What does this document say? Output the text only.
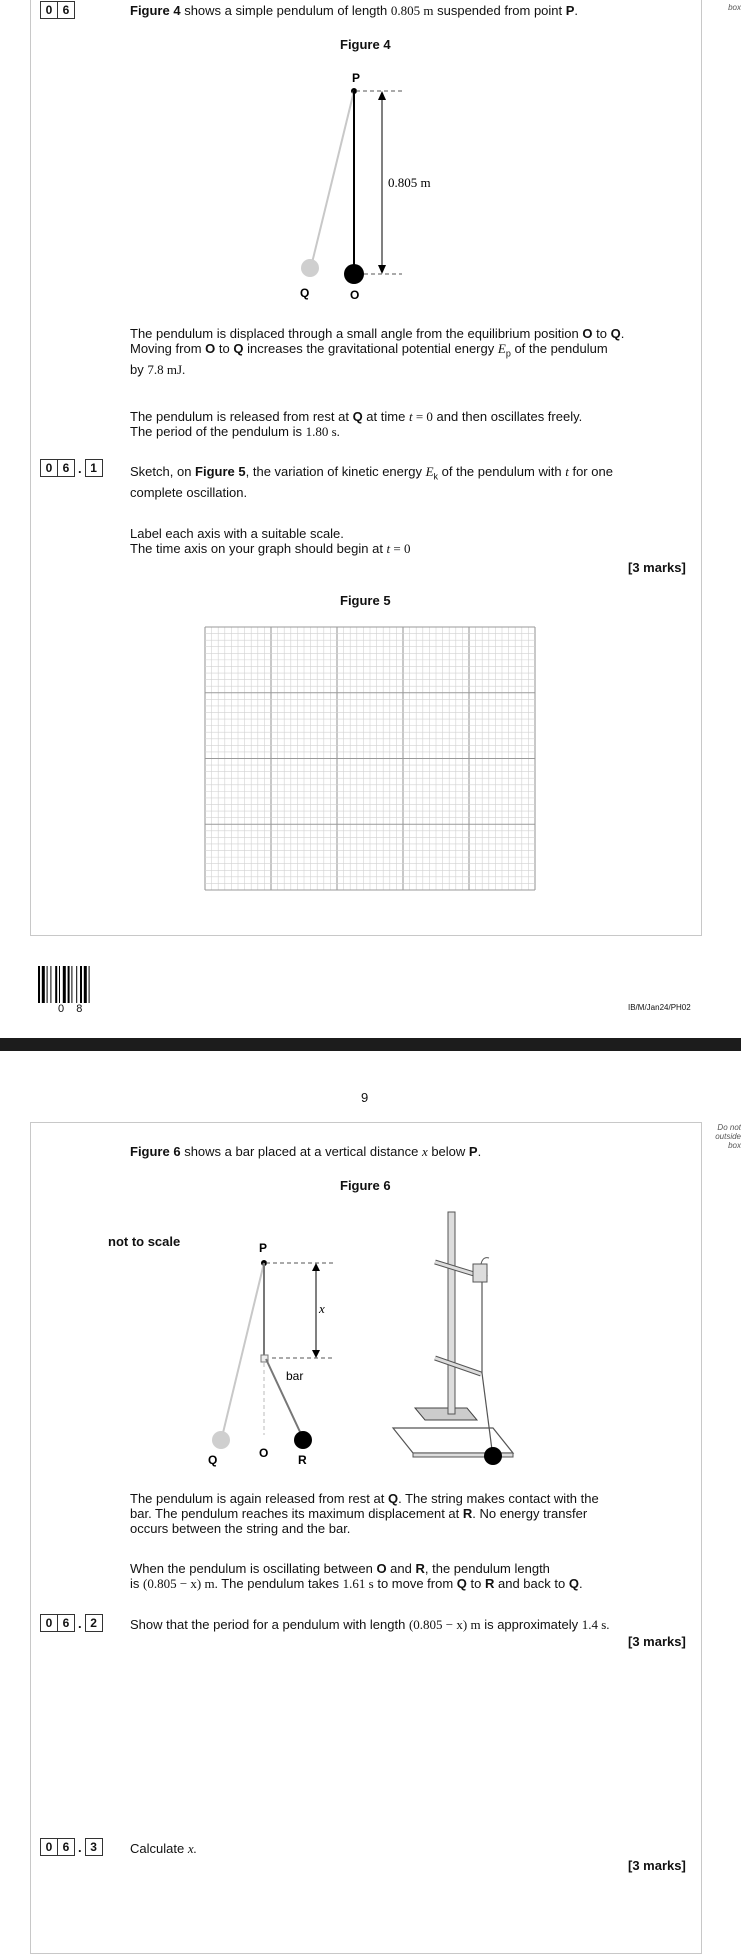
box
0 6	Figure 4 shows a simple pendulum of length 0.805 m suspended from point P.
Figure 4
P
0.805 m
Q	O
The pendulum is displaced through a small angle from the equilibrium position O to Q.
Moving from O to Q increases the gravitational potential energy $E_p$ of the pendulum
by 7.8 mJ.
The pendulum is released from rest at Q at time t = 0 and then oscillates freely.
The period of the pendulum is 1.80 s.
0 6 . 1	Sketch, on Figure 5, the variation of kinetic energy $E_k$ of the pendulum with t for one
complete oscillation.
Label each axis with a suitable scale.
The time axis on your graph should begin at t = 0
[3 marks]
Figure 5
0  8	IB/M/Jan24/PH02
9
Do not
outside
box
Figure 6 shows a bar placed at a vertical distance x below P.
Figure 6
not to scale	P
x
bar
Q	O R
The pendulum is again released from rest at Q. The string makes contact with the
bar. The pendulum reaches its maximum displacement at R. No energy transfer
occurs between the string and the bar.
When the pendulum is oscillating between O and R, the pendulum length
is (0.805 − x) m. The pendulum takes 1.61 s to move from Q to R and back to Q.
0 6 . 2	Show that the period for a pendulum with length (0.805 − x) m is approximately 1.4 s.
[3 marks]
0 6 . 3	Calculate x.
[3 marks]
